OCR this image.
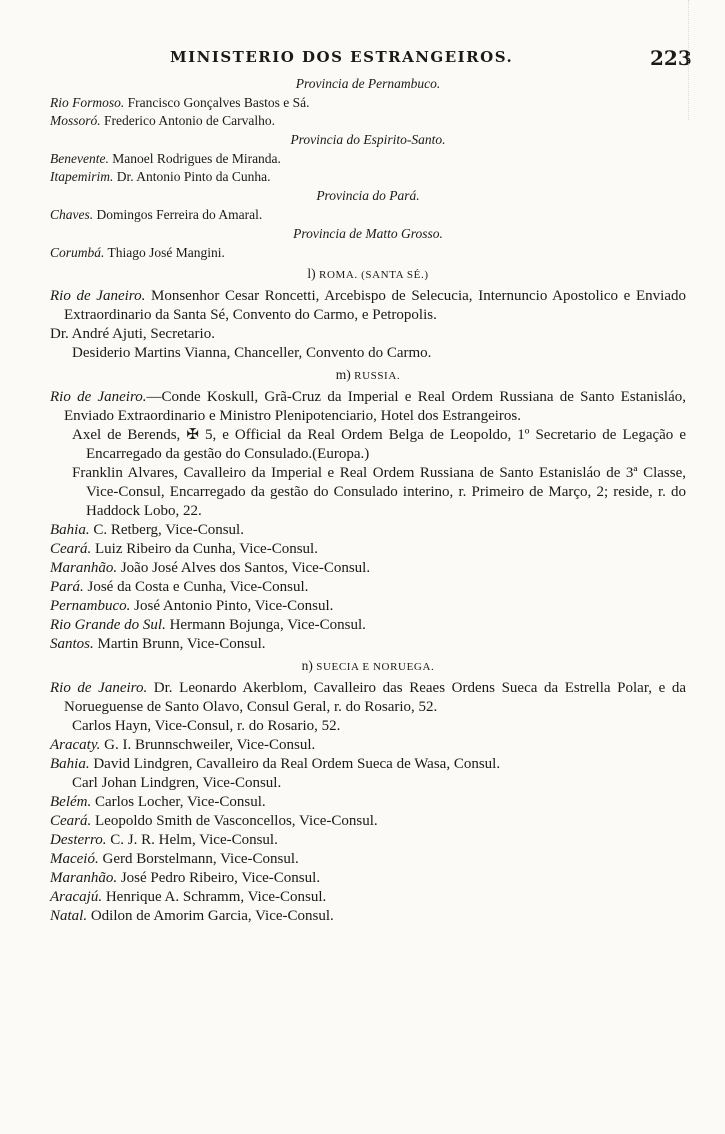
MINISTERIO DOS ESTRANGEIROS.	223
Provincia de Pernambuco.
Rio Formoso. Francisco Gonçalves Bastos e Sá.
Mossoró. Frederico Antonio de Carvalho.
Provincia do Espirito-Santo.
Benevente. Manoel Rodrigues de Miranda.
Itapemirim. Dr. Antonio Pinto da Cunha.
Provincia do Pará.
Chaves. Domingos Ferreira do Amaral.
Provincia de Matto Grosso.
Corumbá. Thiago José Mangini.
l) ROMA. (SANTA SÉ.)
Rio de Janeiro. Monsenhor Cesar Roncetti, Arcebispo de Selecucia, Internuncio Apostolico e Enviado Extraordinario da Santa Sé, Convento do Carmo, e Petropolis.
Dr. André Ajuti, Secretario.
Desiderio Martins Vianna, Chanceller, Convento do Carmo.
m) RUSSIA.
Rio de Janeiro.—Conde Koskull, Grã-Cruz da Imperial e Real Ordem Russiana de Santo Estanisláo, Enviado Extraordinario e Ministro Plenipotenciario, Hotel dos Estrangeiros.
Axel de Berends, ✠ 5, e Official da Real Ordem Belga de Leopoldo, 1º Secretario de Legação e Encarregado da gestão do Consulado.(Europa.)
Franklin Alvares, Cavalleiro da Imperial e Real Ordem Russiana de Santo Estanisláo de 3ª Classe, Vice-Consul, Encarregado da gestão do Consulado interino, r. Primeiro de Março, 2; reside, r. do Haddock Lobo, 22.
Bahia. C. Retberg, Vice-Consul.
Ceará. Luiz Ribeiro da Cunha, Vice-Consul.
Maranhão. João José Alves dos Santos, Vice-Consul.
Pará. José da Costa e Cunha, Vice-Consul.
Pernambuco. José Antonio Pinto, Vice-Consul.
Rio Grande do Sul. Hermann Bojunga, Vice-Consul.
Santos. Martin Brunn, Vice-Consul.
n) SUECIA E NORUEGA.
Rio de Janeiro. Dr. Leonardo Akerblom, Cavalleiro das Reaes Ordens Sueca da Estrella Polar, e da Norueguense de Santo Olavo, Consul Geral, r. do Rosario, 52.
Carlos Hayn, Vice-Consul, r. do Rosario, 52.
Aracaty. G. I. Brunnschweiler, Vice-Consul.
Bahia. David Lindgren, Cavalleiro da Real Ordem Sueca de Wasa, Consul.
Carl Johan Lindgren, Vice-Consul.
Belém. Carlos Locher, Vice-Consul.
Ceará. Leopoldo Smith de Vasconcellos, Vice-Consul.
Desterro. C. J. R. Helm, Vice-Consul.
Maceió. Gerd Borstelmann, Vice-Consul.
Maranhão. José Pedro Ribeiro, Vice-Consul.
Aracajú. Henrique A. Schramm, Vice-Consul.
Natal. Odilon de Amorim Garcia, Vice-Consul.
